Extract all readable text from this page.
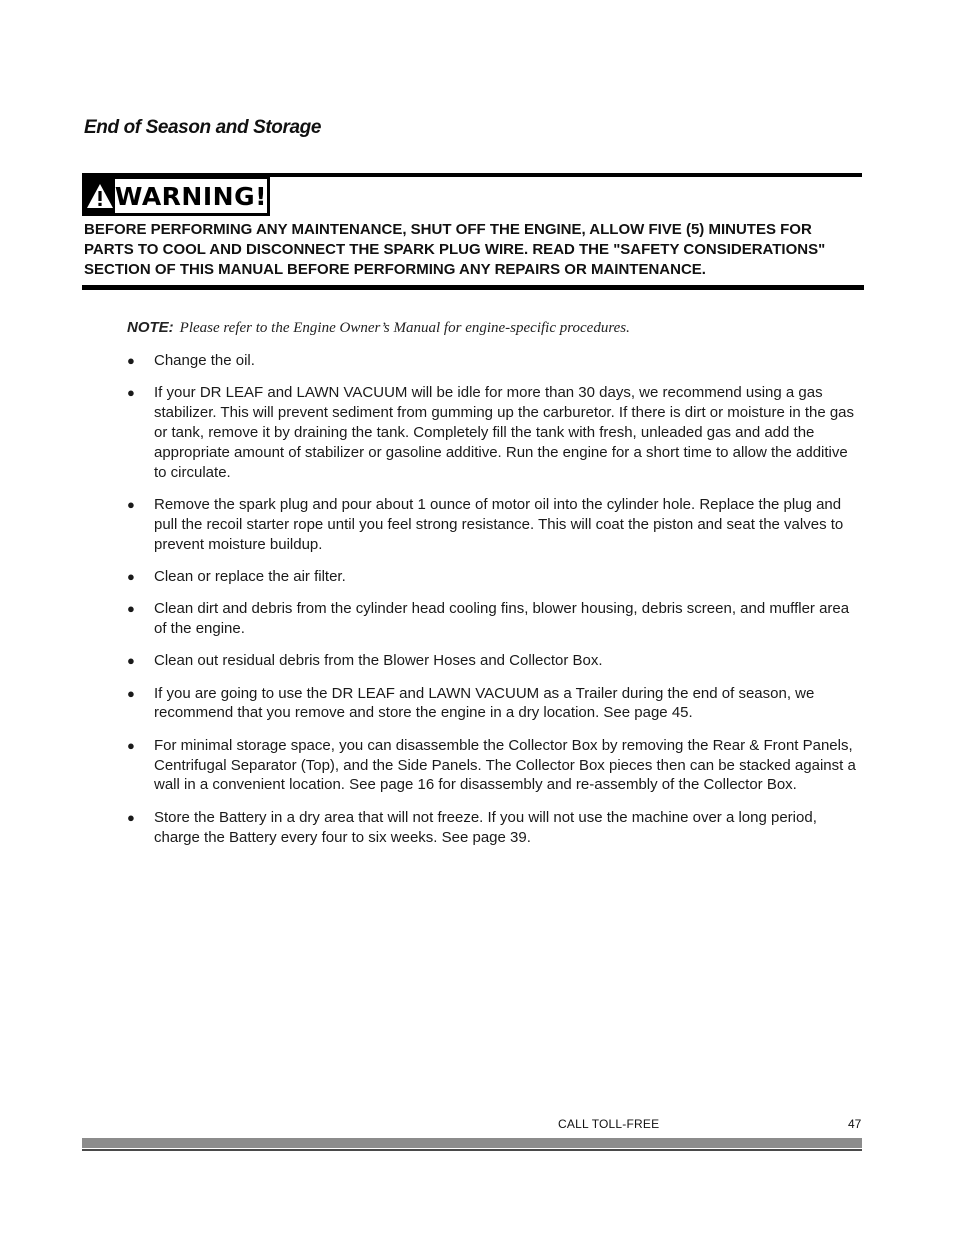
End of Season and Storage
WARNING!

BEFORE PERFORMING ANY MAINTENANCE, SHUT OFF THE ENGINE, ALLOW FIVE (5) MINUTES FOR PARTS TO COOL AND DISCONNECT THE SPARK PLUG WIRE. READ THE "SAFETY CONSIDERATIONS" SECTION OF THIS MANUAL BEFORE PERFORMING ANY REPAIRS OR MAINTENANCE.

NOTE: Please refer to the Engine Owner’s Manual for engine-specific procedures.

● Change the oil.
● If your DR LEAF and LAWN VACUUM will be idle for more than 30 days, we recommend using a gas stabilizer. This will prevent sediment from gumming up the carburetor. If there is dirt or moisture in the gas or tank, remove it by draining the tank. Completely fill the tank with fresh, unleaded gas and add the appropriate amount of stabilizer or gasoline additive. Run the engine for a short time to allow the additive to circulate.
● Remove the spark plug and pour about 1 ounce of motor oil into the cylinder hole. Replace the plug and pull the recoil starter rope until you feel strong resistance. This will coat the piston and seat the valves to prevent moisture buildup.
● Clean or replace the air filter.
● Clean dirt and debris from the cylinder head cooling fins, blower housing, debris screen, and muffler area of the engine.
● Clean out residual debris from the Blower Hoses and Collector Box.
● If you are going to use the DR LEAF and LAWN VACUUM as a Trailer during the end of season, we recommend that you remove and store the engine in a dry location. See page 45.
● For minimal storage space, you can disassemble the Collector Box by removing the Rear & Front Panels, Centrifugal Separator (Top), and the Side Panels. The Collector Box pieces then can be stacked against a wall in a convenient location. See page 16 for disassembly and re-assembly of the Collector Box.
● Store the Battery in a dry area that will not freeze. If you will not use the machine over a long period, charge the Battery every four to six weeks. See page 39.
CALL TOLL-FREE	47
